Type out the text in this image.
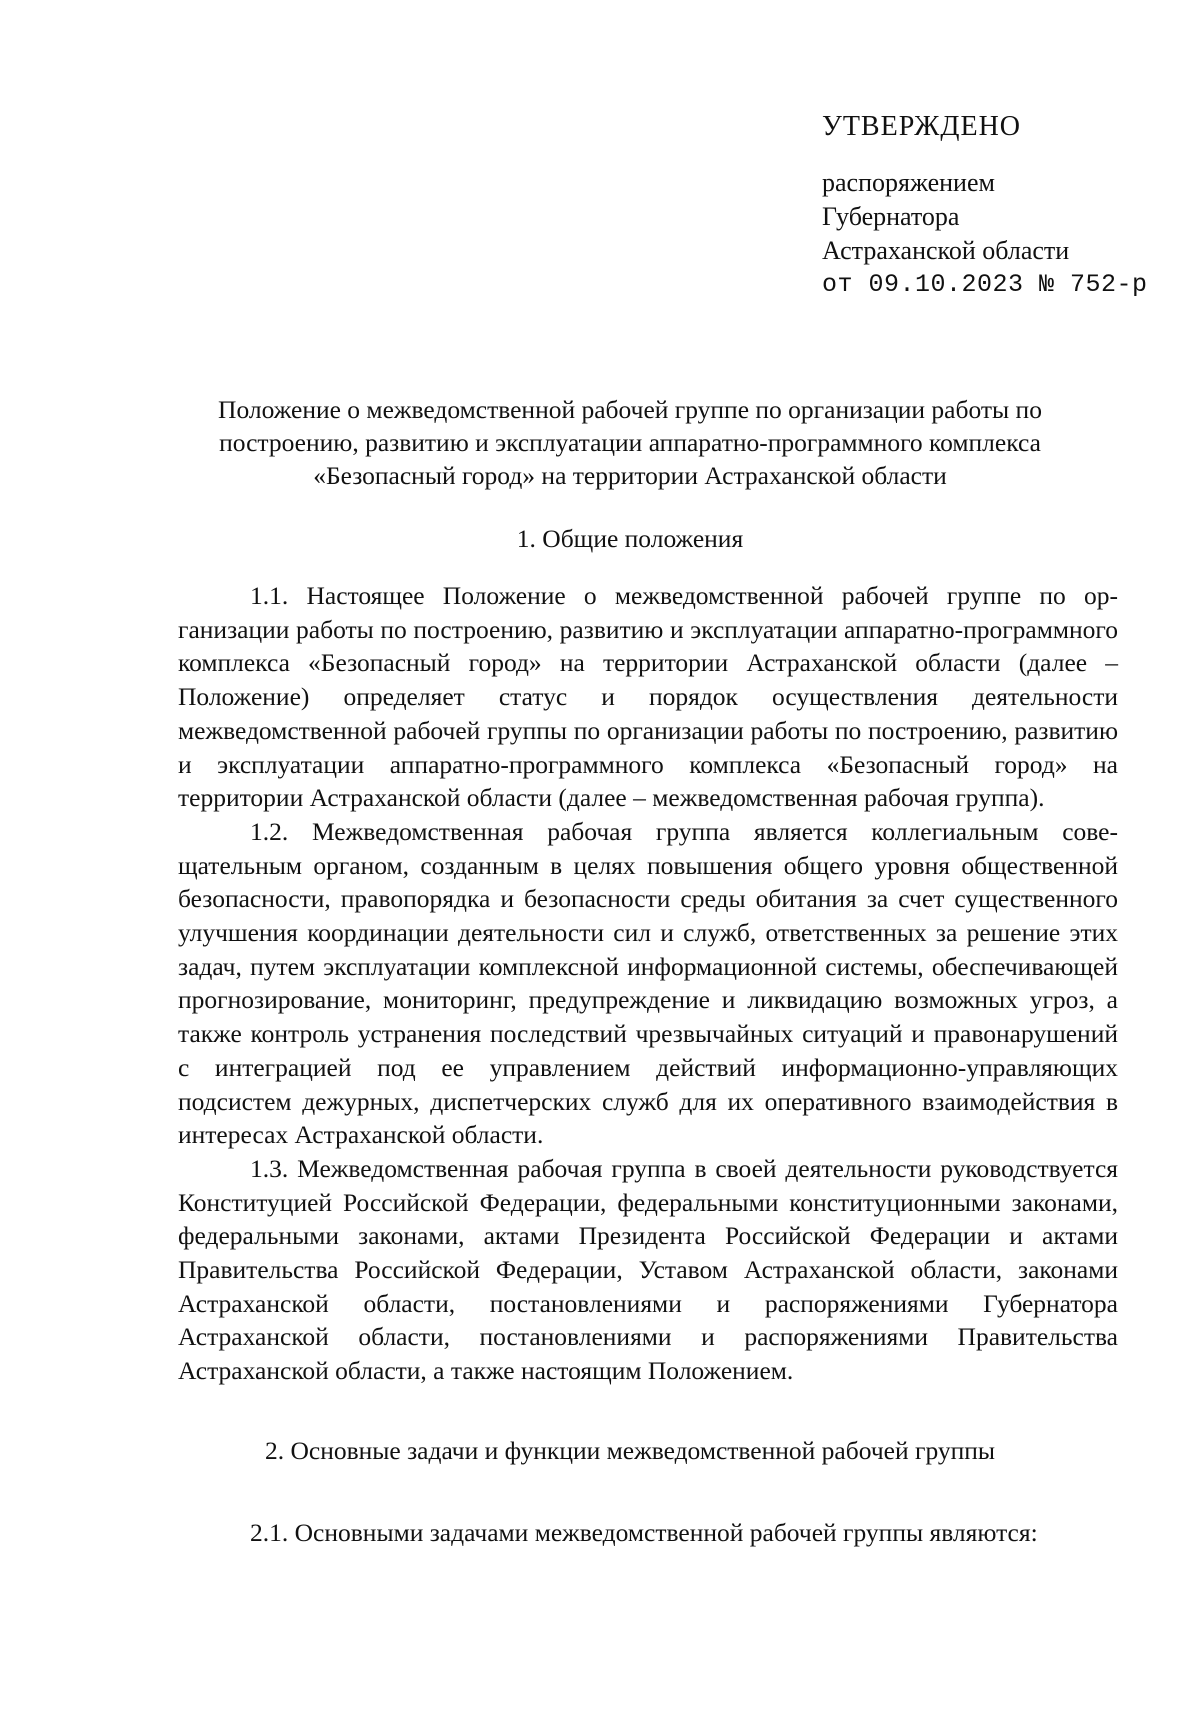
УТВЕРЖДЕНО
распоряжением
Губернатора
Астраханской области
от 09.10.2023 № 752-р
Положение о межведомственной рабочей группе по организации работы по
построению, развитию и эксплуатации аппаратно-программного комплекса
«Безопасный город» на территории Астраханской области
1. Общие положения

1.1. Настоящее Положение о межведомственной рабочей группе по организации работы по построению, развитию и эксплуатации аппаратно-программного комплекса «Безопасный город» на территории Астраханской области (далее – Положение) определяет статус и порядок осуществления деятельности межведомственной рабочей группы по организации работы по построению, развитию и эксплуатации аппаратно-программного комплекса «Безопасный город» на территории Астраханской области (далее – межведомственная рабочая группа).

1.2. Межведомственная рабочая группа является коллегиальным совещательным органом, созданным в целях повышения общего уровня общественной безопасности, правопорядка и безопасности среды обитания за счет существенного улучшения координации деятельности сил и служб, ответственных за решение этих задач, путем эксплуатации комплексной информационной системы, обеспечивающей прогнозирование, мониторинг, предупреждение и ликвидацию возможных угроз, а также контроль устранения последствий чрезвычайных ситуаций и правонарушений с интеграцией под ее управлением действий информационно-управляющих подсистем дежурных, диспетчерских служб для их оперативного взаимодействия в интересах Астраханской области.

1.3. Межведомственная рабочая группа в своей деятельности руководствуется Конституцией Российской Федерации, федеральными конституционными законами, федеральными законами, актами Президента Российской Федерации и актами Правительства Российской Федерации, Уставом Астраханской области, законами Астраханской области, постановлениями и распоряжениями Губернатора Астраханской области, постановлениями и распоряжениями Правительства Астраханской области, а также настоящим Положением.

2. Основные задачи и функции межведомственной рабочей группы

2.1. Основными задачами межведомственной рабочей группы являются:
